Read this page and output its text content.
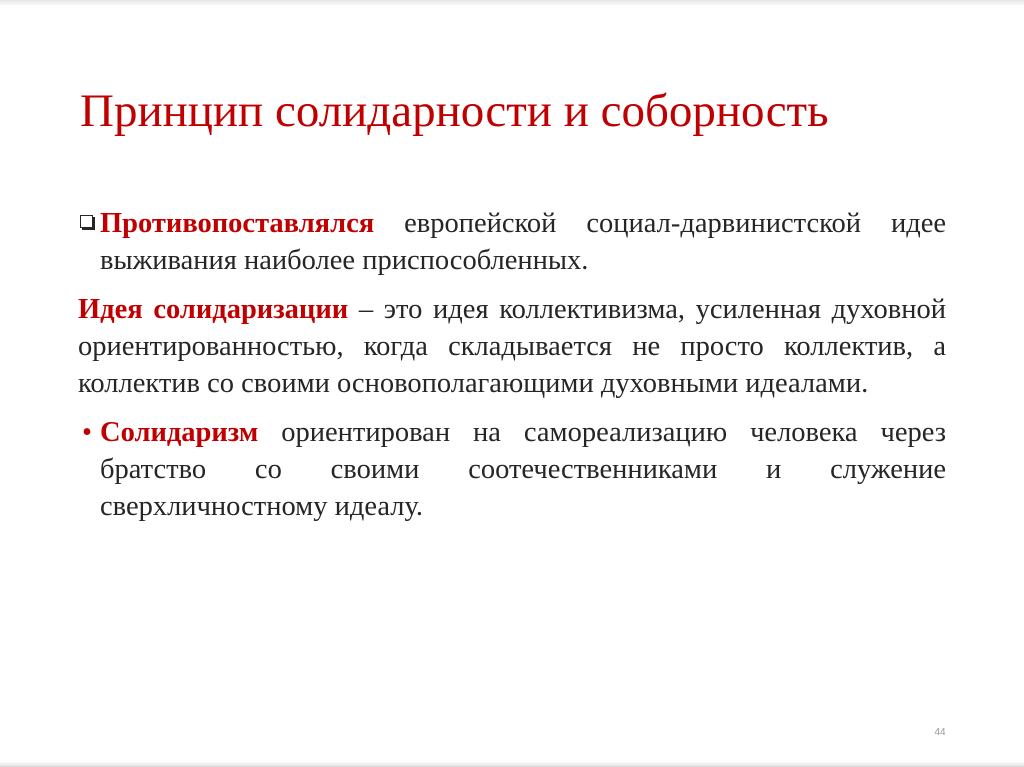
Принцип солидарности и соборность

Противопоставлялся европейской социал-дарвинистской идее выживания наиболее приспособленных.

Идея солидаризации – это идея коллективизма, усиленная духовной ориентированностью, когда складывается не просто коллектив, а коллектив со своими основополагающими духовными идеалами.

• Солидаризм ориентирован на самореализацию человека через братство со своими соотечественниками и служение сверхличностному идеалу.

44
